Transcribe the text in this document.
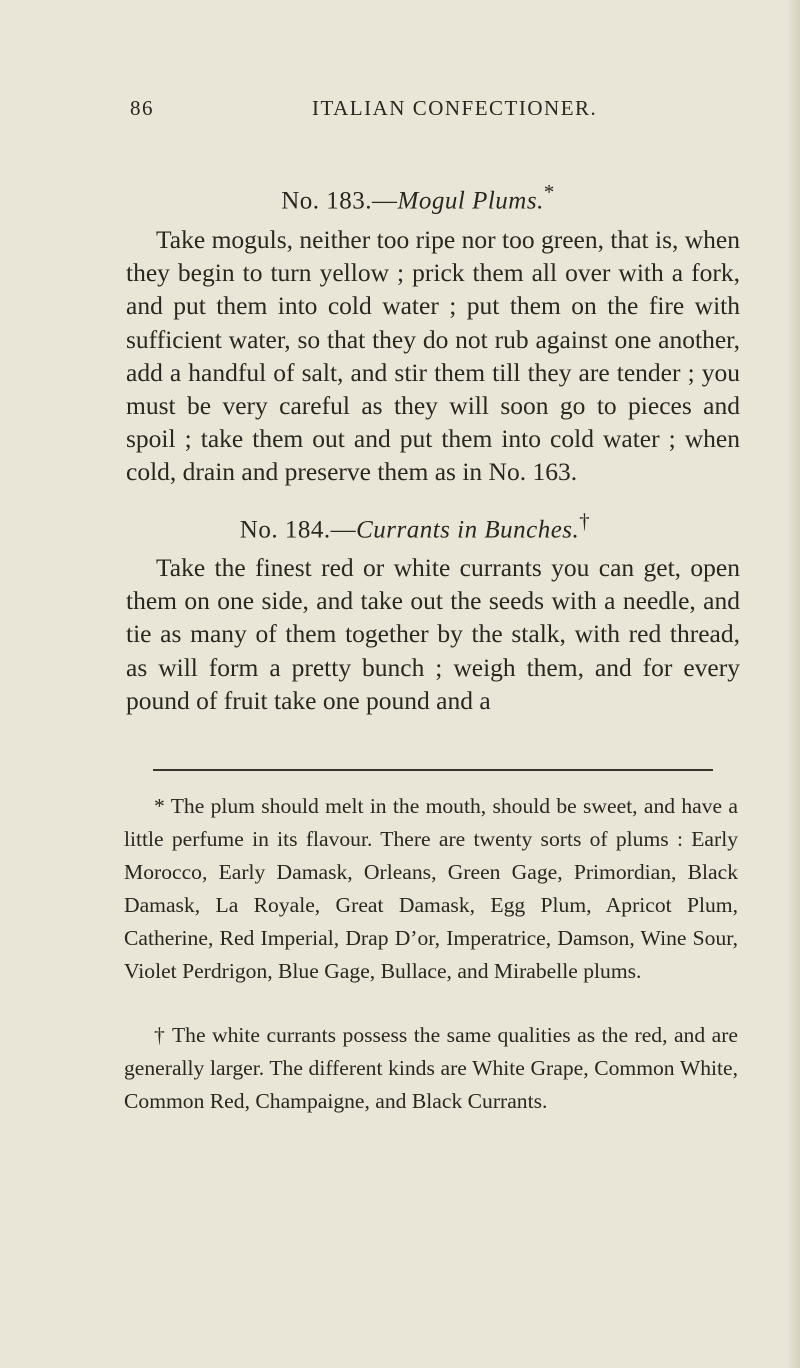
86	ITALIAN CONFECTIONER.
No. 183.—Mogul Plums.*

Take moguls, neither too ripe nor too green, that is, when they begin to turn yellow ; prick them all over with a fork, and put them into cold water ; put them on the fire with sufficient water, so that they do not rub against one another, add a handful of salt, and stir them till they are tender ; you must be very careful as they will soon go to pieces and spoil ; take them out and put them into cold water ; when cold, drain and preserve them as in No. 163.

No. 184.—Currants in Bunches.†

Take the finest red or white currants you can get, open them on one side, and take out the seeds with a needle, and tie as many of them together by the stalk, with red thread, as will form a pretty bunch ; weigh them, and for every pound of fruit take one pound and a

* The plum should melt in the mouth, should be sweet, and have a little perfume in its flavour. There are twenty sorts of plums : Early Morocco, Early Damask, Orleans, Green Gage, Primordian, Black Damask, La Royale, Great Damask, Egg Plum, Apricot Plum, Catherine, Red Imperial, Drap D’or, Imperatrice, Damson, Wine Sour, Violet Perdrigon, Blue Gage, Bullace, and Mirabelle plums.

† The white currants possess the same qualities as the red, and are generally larger. The different kinds are White Grape, Common White, Common Red, Champaigne, and Black Currants.
